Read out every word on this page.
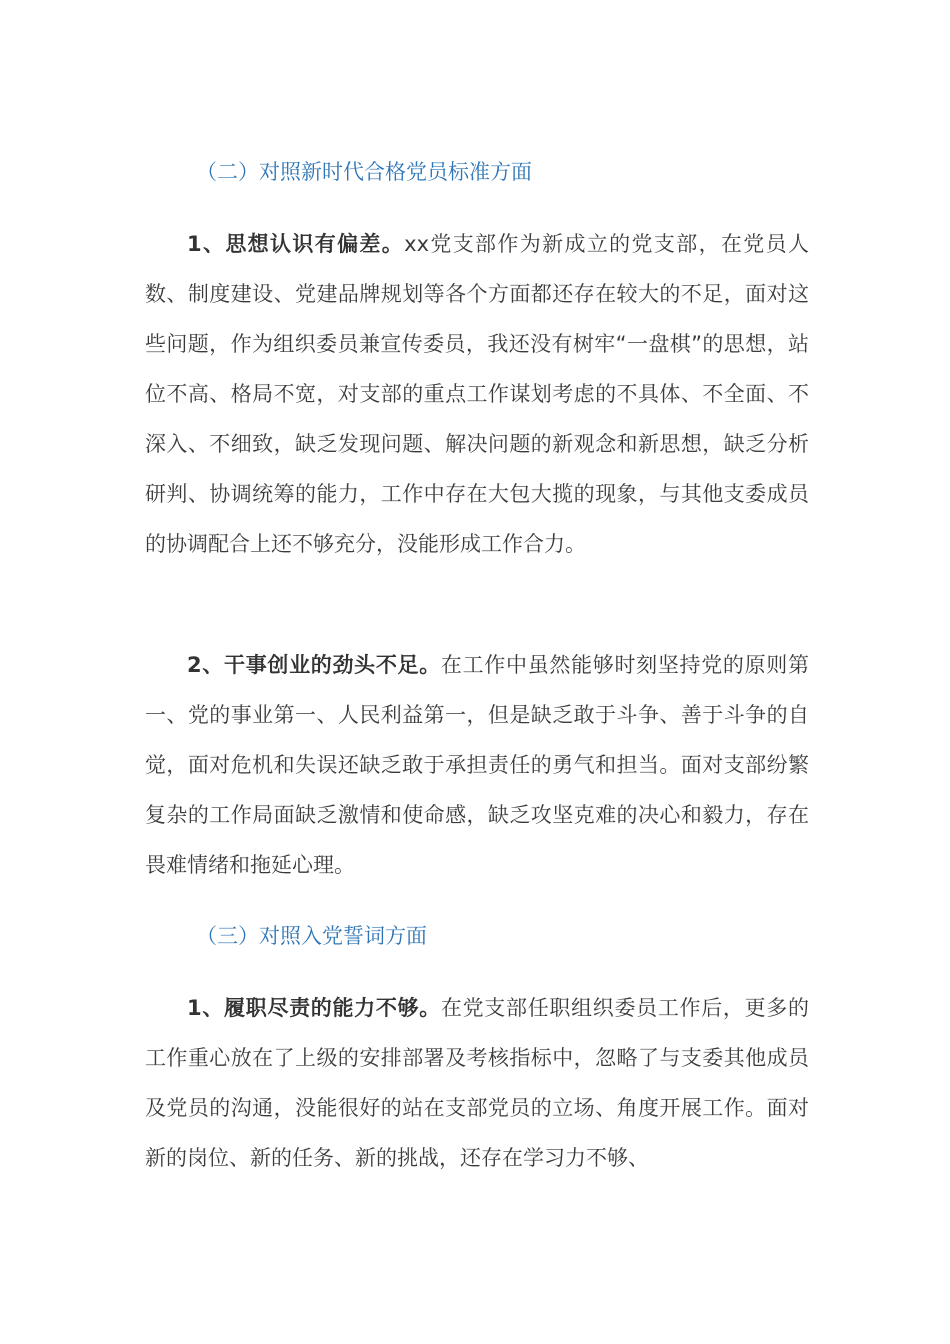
（二）对照新时代合格党员标准方面

1、思想认识有偏差。xx党支部作为新成立的党支部，在党员人数、制度建设、党建品牌规划等各个方面都还存在较大的不足，面对这些问题，作为组织委员兼宣传委员，我还没有树牢“一盘棋”的思想，站位不高、格局不宽，对支部的重点工作谋划考虑的不具体、不全面、不深入、不细致，缺乏发现问题、解决问题的新观念和新思想，缺乏分析研判、协调统筹的能力，工作中存在大包大揽的现象，与其他支委成员的协调配合上还不够充分，没能形成工作合力。

2、干事创业的劲头不足。在工作中虽然能够时刻坚持党的原则第一、党的事业第一、人民利益第一，但是缺乏敢于斗争、善于斗争的自觉，面对危机和失误还缺乏敢于承担责任的勇气和担当。面对支部纷繁复杂的工作局面缺乏激情和使命感，缺乏攻坚克难的决心和毅力，存在畏难情绪和拖延心理。

（三）对照入党誓词方面

1、履职尽责的能力不够。在党支部任职组织委员工作后，更多的工作重心放在了上级的安排部署及考核指标中，忽略了与支委其他成员及党员的沟通，没能很好的站在支部党员的立场、角度开展工作。面对新的岗位、新的任务、新的挑战，还存在学习力不够、
